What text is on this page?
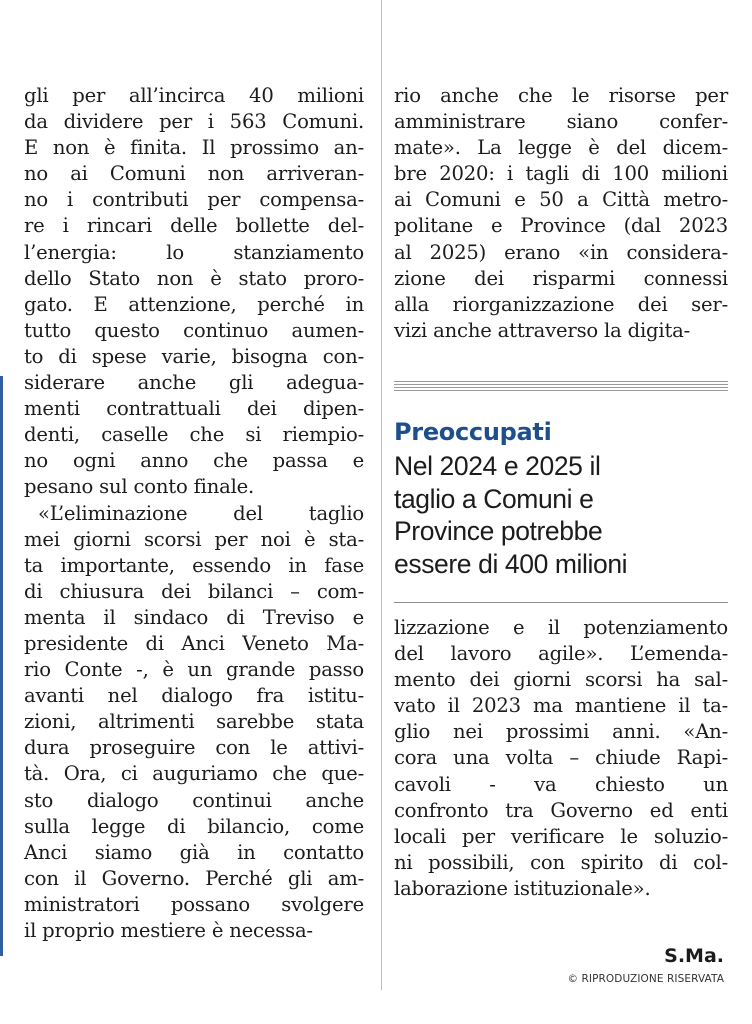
gli per all’incirca 40 milioni
da dividere per i 563 Comuni.
E non è finita. Il prossimo an-
no ai Comuni non arriveran-
no i contributi per compensa-
re i rincari delle bollette del-
l’energia: lo stanziamento
dello Stato non è stato proro-
gato. E attenzione, perché in
tutto questo continuo aumen-
to di spese varie, bisogna con-
siderare anche gli adegua-
menti contrattuali dei dipen-
denti, caselle che si riempio-
no ogni anno che passa e
pesano sul conto finale.
«L’eliminazione del taglio
mei giorni scorsi per noi è sta-
ta importante, essendo in fase
di chiusura dei bilanci – com-
menta il sindaco di Treviso e
presidente di Anci Veneto Ma-
rio Conte -, è un grande passo
avanti nel dialogo fra istitu-
zioni, altrimenti sarebbe stata
dura proseguire con le attivi-
tà. Ora, ci auguriamo che que-
sto dialogo continui anche
sulla legge di bilancio, come
Anci siamo già in contatto
con il Governo. Perché gli am-
ministratori possano svolgere
il proprio mestiere è necessa-
rio anche che le risorse per
amministrare siano confer-
mate». La legge è del dicem-
bre 2020: i tagli di 100 milioni
ai Comuni e 50 a Città metro-
politane e Province (dal 2023
al 2025) erano «in considera-
zione dei risparmi connessi
alla riorganizzazione dei ser-
vizi anche attraverso la digita-
Preoccupati
Nel 2024 e 2025 il
taglio a Comuni e
Province potrebbe
essere di 400 milioni
lizzazione e il potenziamento
del lavoro agile». L’emenda-
mento dei giorni scorsi ha sal-
vato il 2023 ma mantiene il ta-
glio nei prossimi anni. «An-
cora una volta – chiude Rapi-
cavoli - va chiesto un
confronto tra Governo ed enti
locali per verificare le soluzio-
ni possibili, con spirito di col-
laborazione istituzionale».
S.Ma.
© RIPRODUZIONE RISERVATA
